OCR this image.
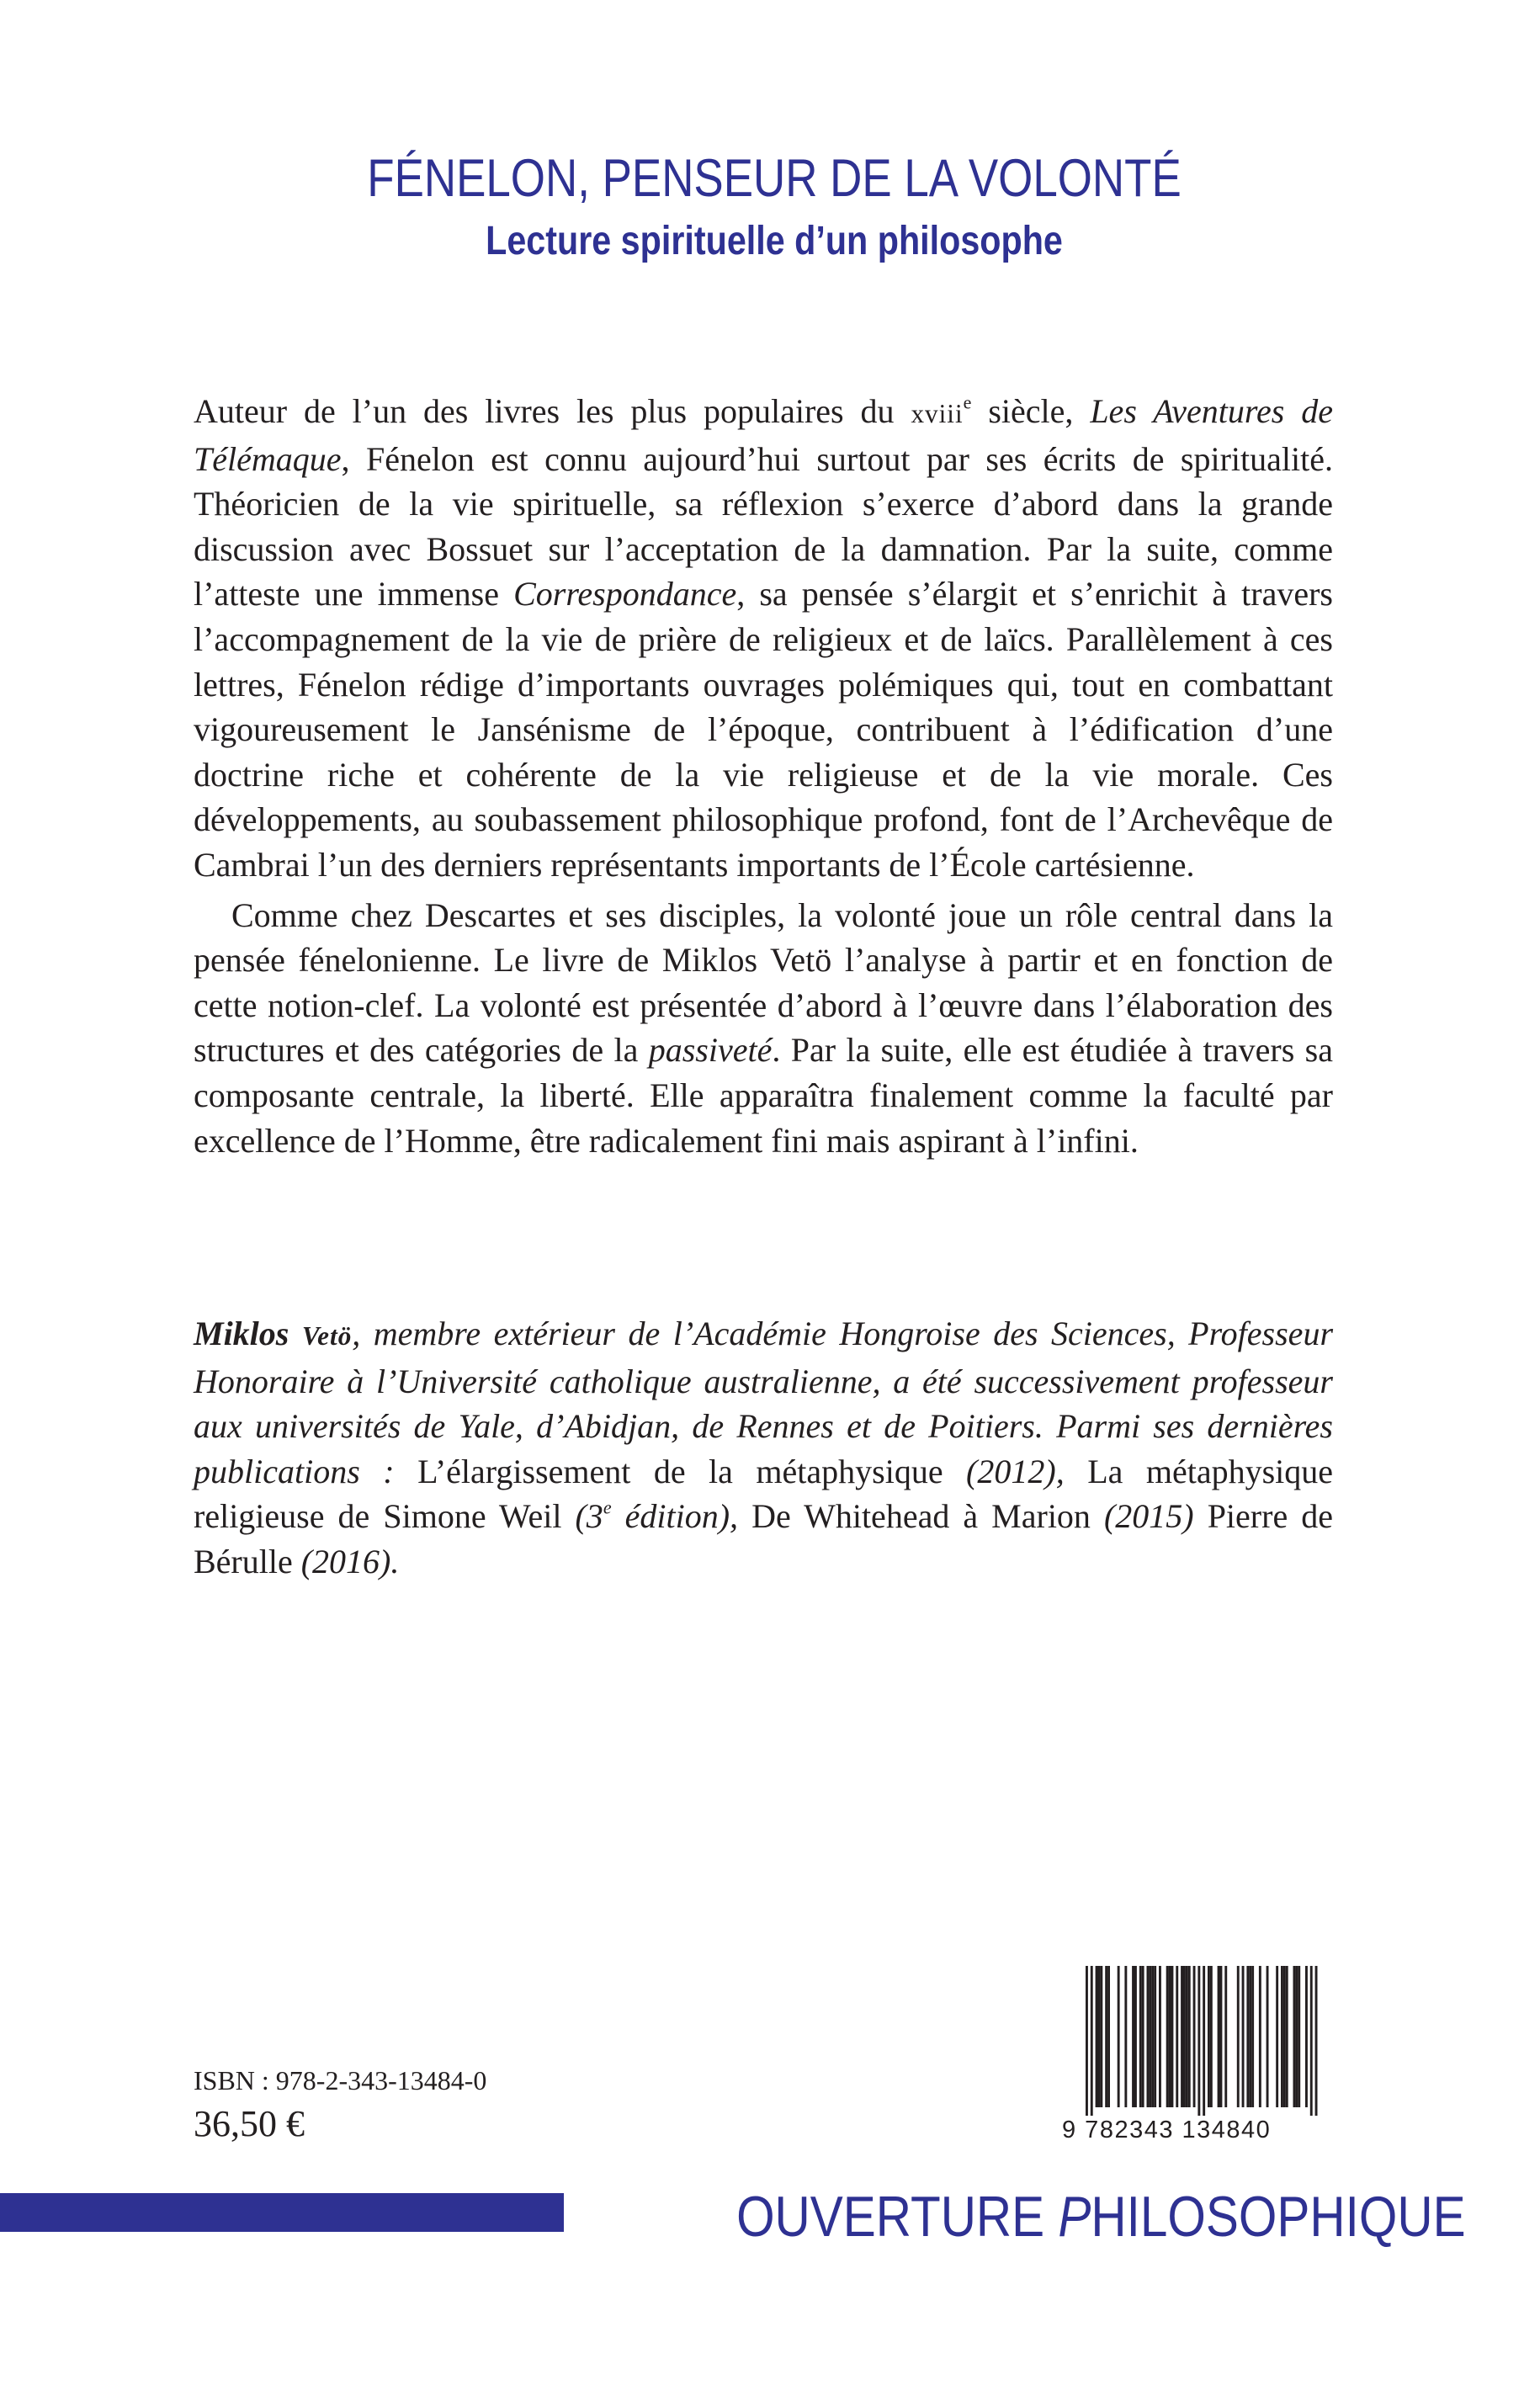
FÉNELON, PENSEUR DE LA VOLONTÉ
Lecture spirituelle d’un philosophe

Auteur de l’un des livres les plus populaires du xviii$^e$ siècle, Les Aventures de Télémaque, Fénelon est connu aujourd’hui surtout par ses écrits de spiritualité. Théoricien de la vie spirituelle, sa réflexion s’exerce d’abord dans la grande discussion avec Bossuet sur l’acceptation de la damnation. Par la suite, comme l’atteste une immense Correspondance, sa pensée s’élargit et s’enrichit à travers l’accompagnement de la vie de prière de religieux et de laïcs. Parallèlement à ces lettres, Fénelon rédige d’importants ouvrages polémiques qui, tout en combattant vigoureusement le Jansénisme de l’époque, contribuent à l’édification d’une doctrine riche et cohérente de la vie religieuse et de la vie morale. Ces développements, au soubassement philosophique profond, font de l’Archevêque de Cambrai l’un des derniers représentants importants de l’École cartésienne.

Comme chez Descartes et ses disciples, la volonté joue un rôle central dans la pensée fénelonienne. Le livre de Miklos Vetö l’analyse à partir et en fonction de cette notion-clef. La volonté est présentée d’abord à l’œuvre dans l’élaboration des structures et des catégories de la passiveté. Par la suite, elle est étudiée à travers sa composante centrale, la liberté. Elle apparaîtra finalement comme la faculté par excellence de l’Homme, être radicalement fini mais aspirant à l’infini.

Miklos Vetö, membre extérieur de l’Académie Hongroise des Sciences, Professeur Honoraire à l’Université catholique australienne, a été successivement professeur aux universités de Yale, d’Abidjan, de Rennes et de Poitiers. Parmi ses dernières publications : L’élargissement de la métaphysique (2012), La métaphysique religieuse de Simone Weil (3e édition), De Whitehead à Marion (2015) Pierre de Bérulle (2016).

ISBN : 978-2-343-13484-0
36,50 €	9 782343 134840
OUVERTURE PHILOSOPHIQUE
